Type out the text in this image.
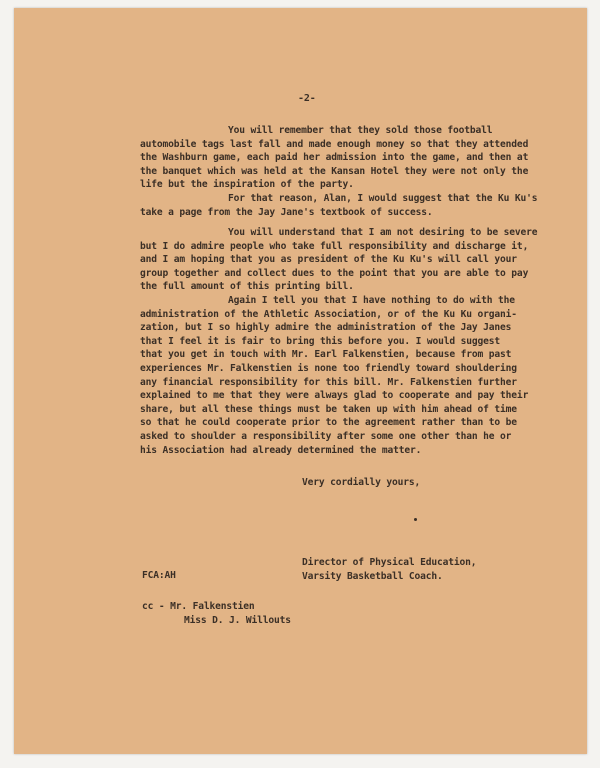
-2-
You will remember that they sold those football
automobile tags last fall and made enough money so that they attended
the Washburn game, each paid her admission into the game, and then at
the banquet which was held at the Kansan Hotel they were not only the
life but the inspiration of the party.
For that reason, Alan, I would suggest that the Ku Ku's
take a page from the Jay Jane's textbook of success.
You will understand that I am not desiring to be severe
but I do admire people who take full responsibility and discharge it,
and I am hoping that you as president of the Ku Ku's will call your
group together and collect dues to the point that you are able to pay
the full amount of this printing bill.
Again I tell you that I have nothing to do with the
administration of the Athletic Association, or of the Ku Ku organi-
zation, but I so highly admire the administration of the Jay Janes
that I feel it is fair to bring this before you. I would suggest
that you get in touch with Mr. Earl Falkenstien, because from past
experiences Mr. Falkenstien is none too friendly toward shouldering
any financial responsibility for this bill. Mr. Falkenstien further
explained to me that they were always glad to cooperate and pay their
share, but all these things must be taken up with him ahead of time
so that he could cooperate prior to the agreement rather than to be
asked to shoulder a responsibility after some one other than he or
his Association had already determined the matter.
Very cordially yours,
Director of Physical Education,
Varsity Basketball Coach.
FCA:AH
cc - Mr. Falkenstien
Miss D. J. Willouts
